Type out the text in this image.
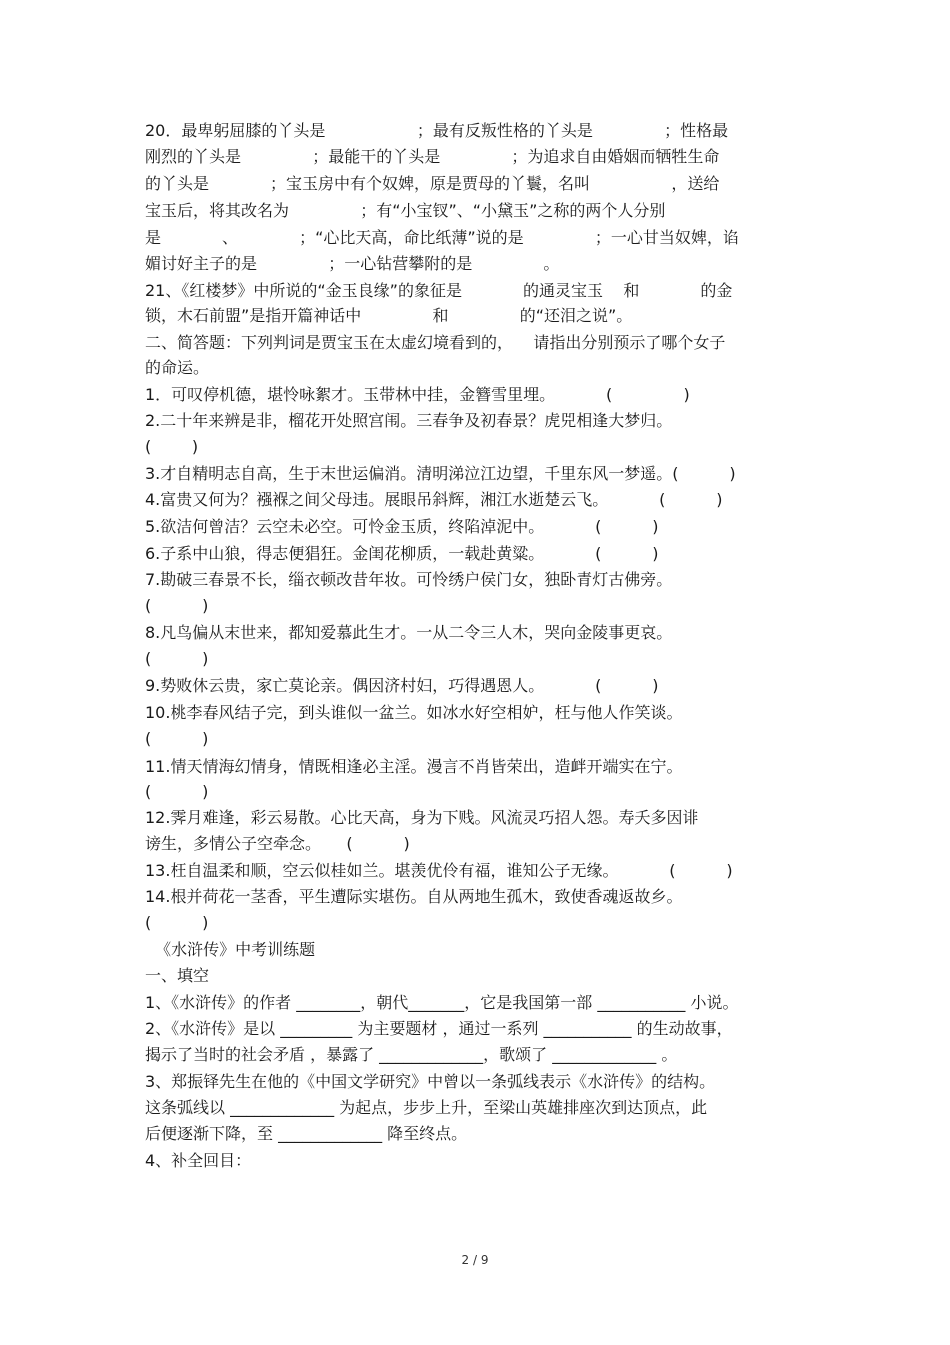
20．最卑躬屈膝的丫头是                  ；最有反叛性格的丫头是              ；性格最
刚烈的丫头是              ；最能干的丫头是              ；为追求自由婚姻而牺牲生命
的丫头是            ；宝玉房中有个奴婢，原是贾母的丫鬟，名叫                ，送给
宝玉后，将其改名为              ；有“小宝钗”、“小黛玉”之称的两个人分别
是            、            ；“心比天高，命比纸薄”说的是              ；一心甘当奴婢，谄
媚讨好主子的是              ；一心钻营攀附的是              。
21、《红楼梦》中所说的“金玉良缘”的象征是            的通灵宝玉    和            的金
锁，木石前盟”是指开篇神话中              和              的“还泪之说”。
二、简答题：下列判词是贾宝玉在太虚幻境看到的，    请指出分别预示了哪个女子
的命运。
1．可叹停机德，堪怜咏絮才。玉带林中挂，金簪雪里埋。          (              )
2.二十年来辨是非，榴花开处照宫闱。三春争及初春景？虎兕相逢大梦归。
(        )
3.才自精明志自高，生于末世运偏消。清明涕泣江边望，千里东风一梦遥。(          )
4.富贵又何为？襁褓之间父母违。展眼吊斜辉，湘江水逝楚云飞。          (          )
5.欲洁何曾洁？云空未必空。可怜金玉质，终陷淖泥中。          (          )
6.子系中山狼，得志便猖狂。金闺花柳质，一载赴黄粱。          (          )
7.勘破三春景不长，缁衣顿改昔年妆。可怜绣户侯门女，独卧青灯古佛旁。
(          )
8.凡鸟偏从末世来，都知爱慕此生才。一从二令三人木，哭向金陵事更哀。
(          )
9.势败休云贵，家亡莫论亲。偶因济村妇，巧得遇恩人。          (          )
10.桃李春风结子完，到头谁似一盆兰。如冰水好空相妒，枉与他人作笑谈。
(          )
11.情天情海幻情身，情既相逢必主淫。漫言不肖皆荣出，造衅开端实在宁。
(          )
12.霁月难逢，彩云易散。心比天高，身为下贱。风流灵巧招人怨。寿夭多因诽
谤生，多情公子空牵念。     (          )
13.枉自温柔和顺，空云似桂如兰。堪羡优伶有福，谁知公子无缘。          (          )
14.根并荷花一茎香，平生遭际实堪伤。自从两地生孤木，致使香魂返故乡。
(          )
《水浒传》中考训练题
一、填空
1、《水浒传》的作者 ________，朝代_______，它是我国第一部 ___________ 小说。
2、《水浒传》是以 _________ 为主要题材 ，通过一系列 ___________ 的生动故事，
揭示了当时的社会矛盾 ，暴露了 _____________，歌颂了 _____________ 。
3、郑振铎先生在他的《中国文学研究》中曾以一条弧线表示《水浒传》的结构。
这条弧线以 _____________ 为起点，步步上升，至梁山英雄排座次到达顶点，此
后便逐渐下降，至 _____________ 降至终点。
4、补全回目：
2 / 9
